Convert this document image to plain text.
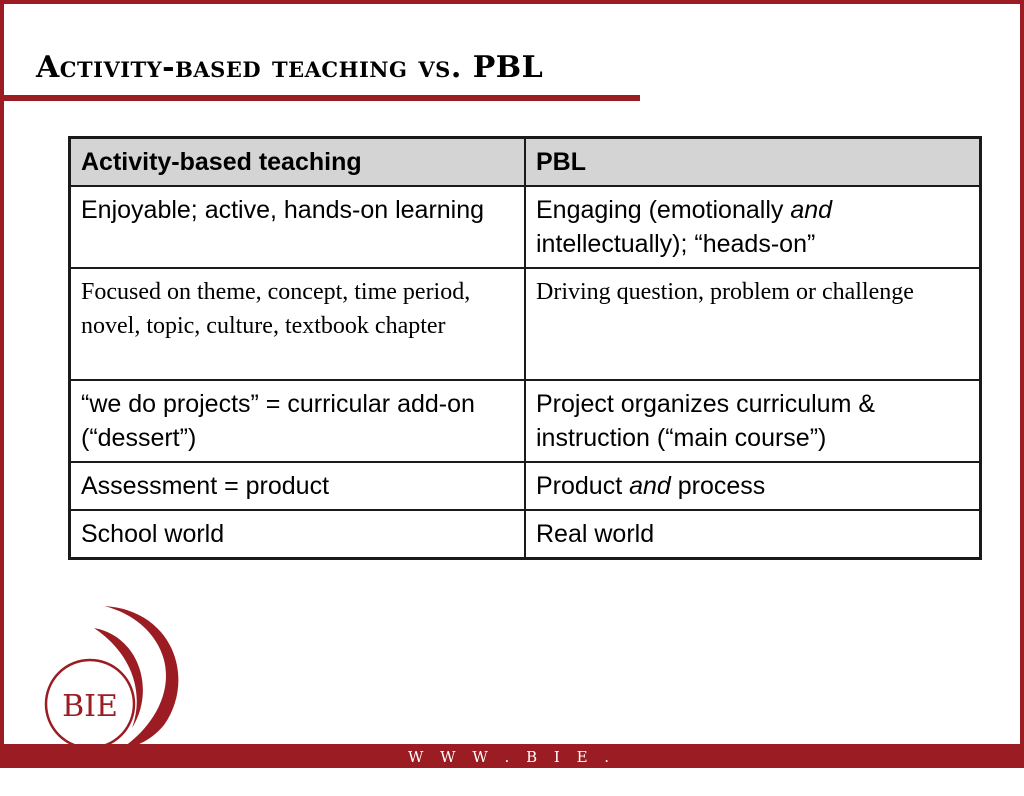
Activity-based teaching vs. PBL
Activity-based teaching	PBL
Enjoyable; active, hands-on learning	Engaging (emotionally and intellectually); “heads-on”
Focused on theme, concept, time period, novel, topic, culture, textbook chapter	Driving question, problem or challenge
“we do projects” = curricular add-on  (“dessert”)	Project organizes curriculum & instruction (“main course”)
Assessment = product	Product and process
School world	Real world
BIE
W W W . B I E . O R G
